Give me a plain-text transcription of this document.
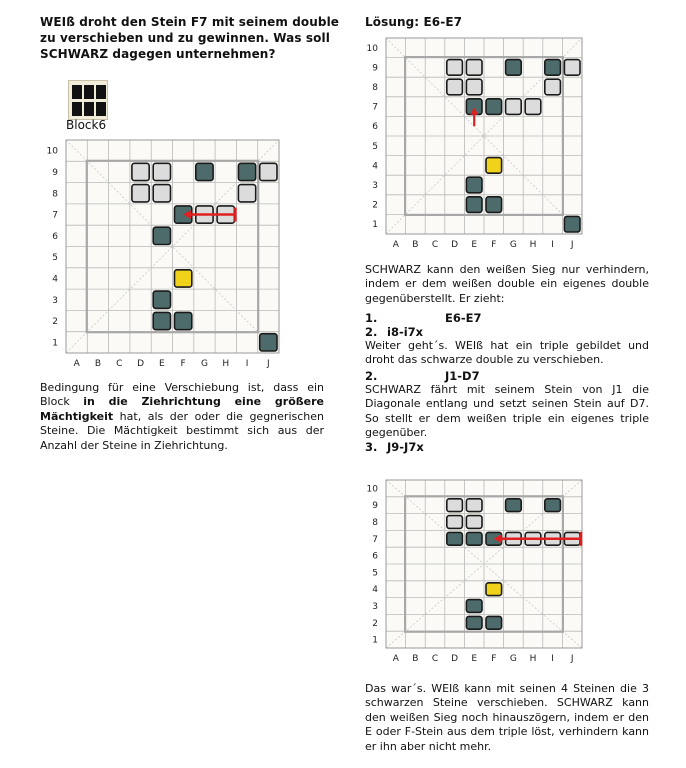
WEIß droht den Stein F7 mit seinem double
zu verschieben und zu gewinnen. Was soll
SCHWARZ dagegen unternehmen?
Block6
1
2
3
4
5
6
7
8
9
10
A B C D E F G H I J
Bedingung für eine Verschiebung ist, dass ein Block in die Ziehrichtung eine größere Mächtigkeit hat, als der oder die gegnerischen Steine. Die Mächtigkeit bestimmt sich aus der Anzahl der Steine in Ziehrichtung.
Lösung: E6-E7
1
2
3
4
5
6
7
8
9
10
A B C D E F G H I J
SCHWARZ kann den weißen Sieg nur verhindern, indem er dem weißen double ein eigenes double gegenüberstellt. Er zieht:
1.	E6-E7
2. i8-i7x
Weiter geht´s. WEIß hat ein triple gebildet und droht das schwarze double zu verschieben.
2.	J1-D7
SCHWARZ fährt mit seinem Stein von J1 die Diagonale entlang und setzt seinen Stein auf D7. So stellt er dem weißen triple ein eigenes triple gegenüber.
3. J9-J7x
1
2
3
4
5
6
7
8
9
10
A B C D E F G H I J
Das war´s. WEIß kann mit seinen 4 Steinen die 3 schwarzen Steine verschieben. SCHWARZ kann den weißen Sieg noch hinauszögern, indem er den E oder F-Stein aus dem triple löst, verhindern kann er ihn aber nicht mehr.
